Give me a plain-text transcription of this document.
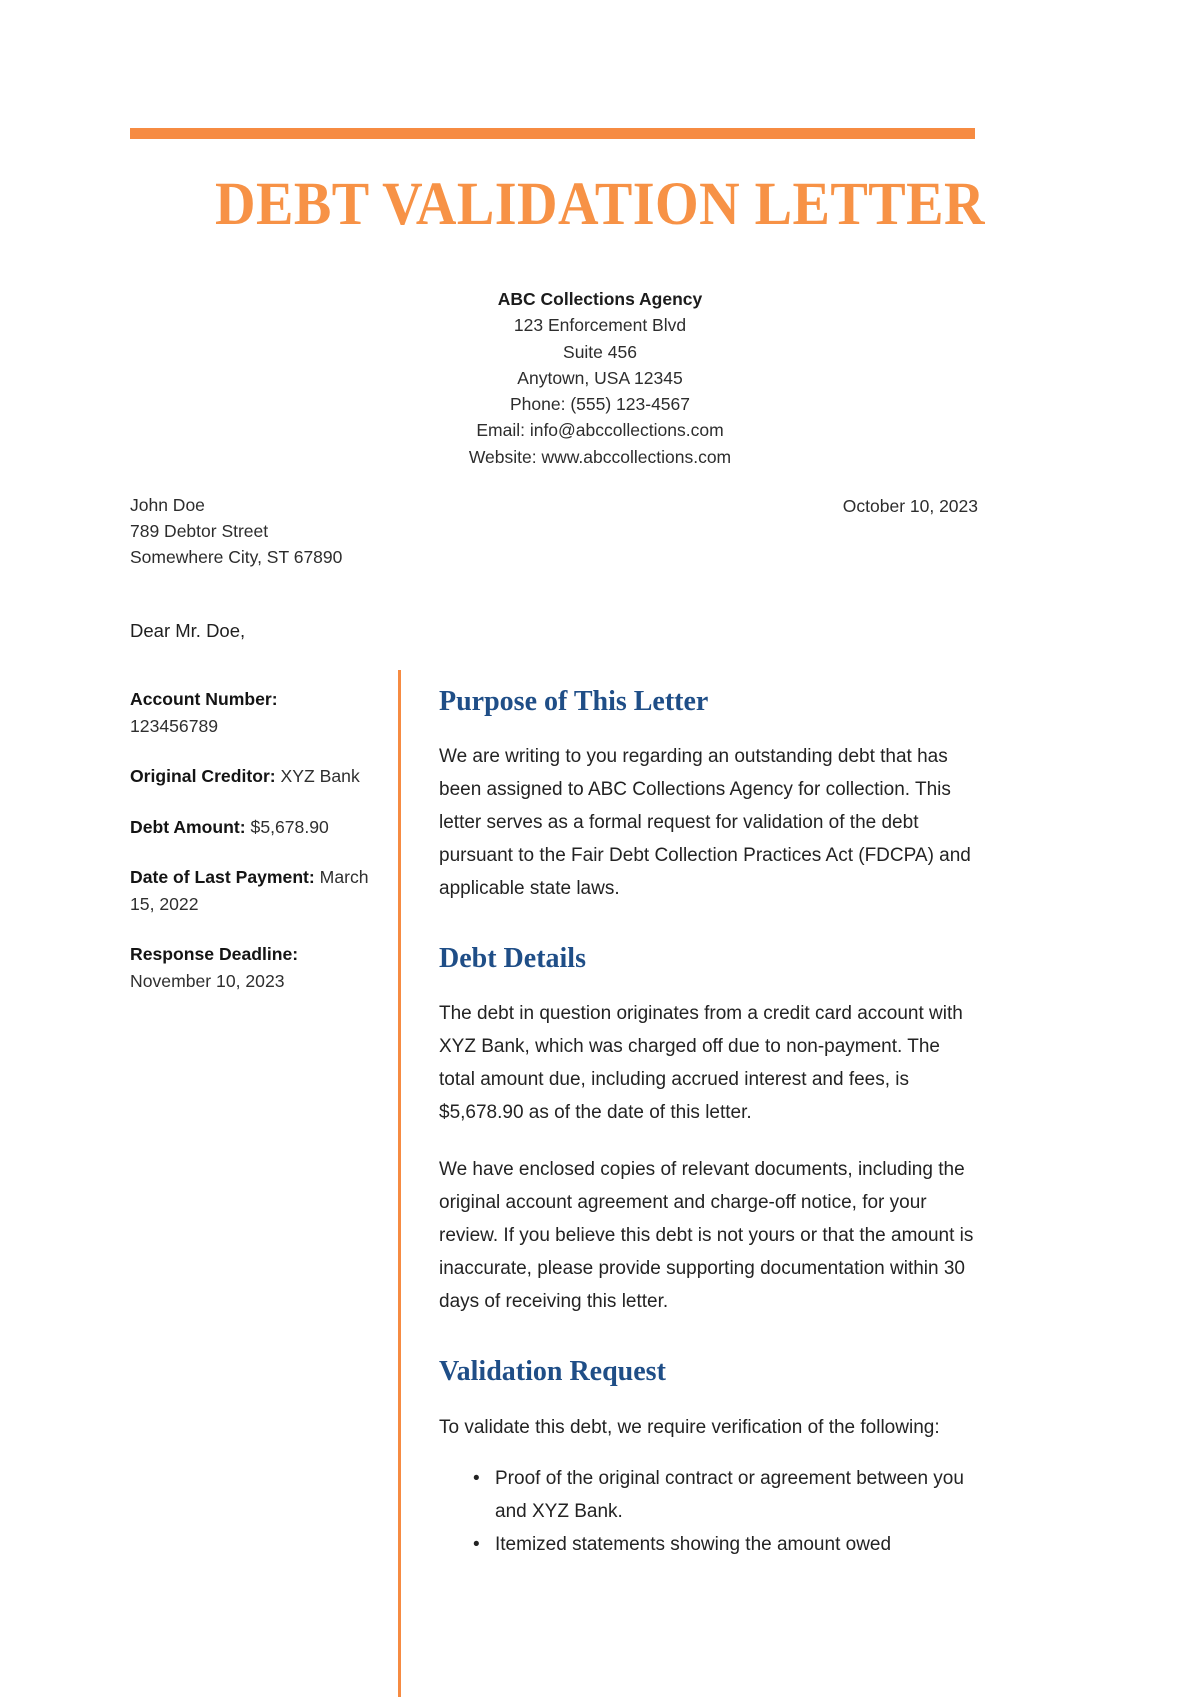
DEBT VALIDATION LETTER
ABC Collections Agency
123 Enforcement Blvd
Suite 456
Anytown, USA 12345
Phone: (555) 123-4567
Email: info@abccollections.com
Website: www.abccollections.com
John Doe
789 Debtor Street
Somewhere City, ST 67890
October 10, 2023
Dear Mr. Doe,
Account Number:
123456789
Original Creditor: XYZ Bank
Debt Amount: $5,678.90
Date of Last Payment: March 15, 2022
Response Deadline:
November 10, 2023
Purpose of This Letter

We are writing to you regarding an outstanding debt that has been assigned to ABC Collections Agency for collection. This letter serves as a formal request for validation of the debt pursuant to the Fair Debt Collection Practices Act (FDCPA) and applicable state laws.

Debt Details

The debt in question originates from a credit card account with XYZ Bank, which was charged off due to non-payment. The total amount due, including accrued interest and fees, is $5,678.90 as of the date of this letter.

We have enclosed copies of relevant documents, including the original account agreement and charge-off notice, for your review. If you believe this debt is not yours or that the amount is inaccurate, please provide supporting documentation within 30 days of receiving this letter.

Validation Request

To validate this debt, we require verification of the following:

• Proof of the original contract or agreement between you and XYZ Bank.
• Itemized statements showing the amount owed
